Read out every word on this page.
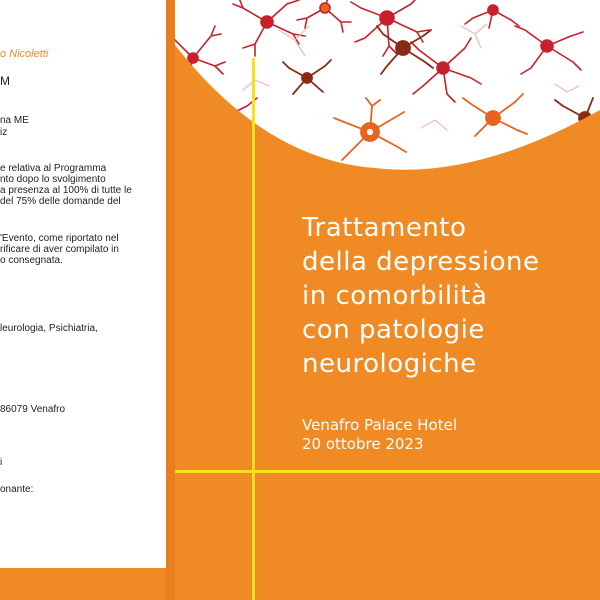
o Nicoletti
M
na ME
iz
e relativa al Programma
nto dopo lo svolgimento
a presenza al 100% di tutte le
del 75% delle domande del
'Evento, come riportato nel
rificare di aver compilato in
o consegnata.
leurologia, Psichiatria,
86079 Venafro
i
onante:
Trattamento
della depressione
in comorbilità
con patologie
neurologiche
Venafro Palace Hotel
20 ottobre 2023
